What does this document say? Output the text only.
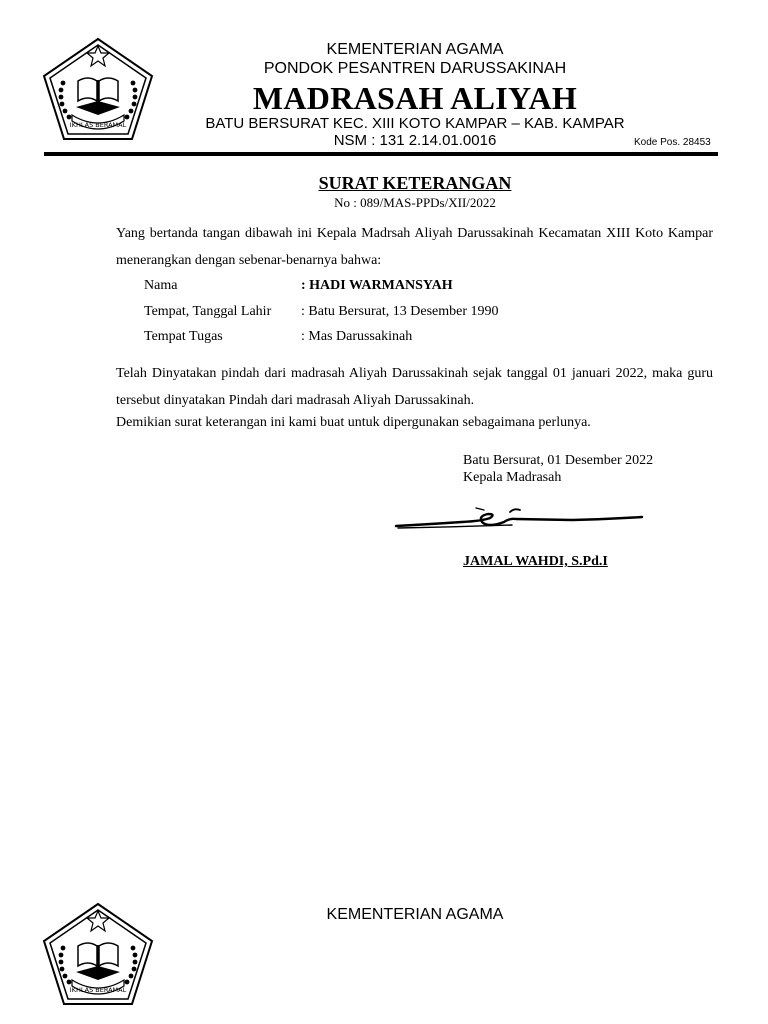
IKHLAS BERAMAL
KEMENTERIAN AGAMA
PONDOK PESANTREN DARUSSAKINAH
MADRASAH ALIYAH
BATU BERSURAT KEC. XIII KOTO KAMPAR – KAB. KAMPAR
NSM : 131 2.14.01.0016	Kode Pos. 28453
SURAT KETERANGAN
No : 089/MAS-PPDs/XII/2022
Yang bertanda tangan dibawah ini Kepala Madrsah Aliyah Darussakinah Kecamatan XIII Koto Kampar menerangkan dengan sebenar-benarnya bahwa:
Nama	: HADI WARMANSYAH
Tempat, Tanggal Lahir : Batu Bersurat, 13 Desember 1990
Tempat Tugas	: Mas Darussakinah
Telah Dinyatakan pindah dari madrasah Aliyah Darussakinah sejak tanggal 01 januari 2022, maka guru tersebut dinyatakan Pindah dari madrasah Aliyah Darussakinah.
Demikian surat keterangan ini kami buat untuk dipergunakan sebagaimana perlunya.
Batu Bersurat, 01 Desember 2022
Kepala Madrasah
JAMAL WAHDI, S.Pd.I
IKHLAS BERAMAL
KEMENTERIAN AGAMA
